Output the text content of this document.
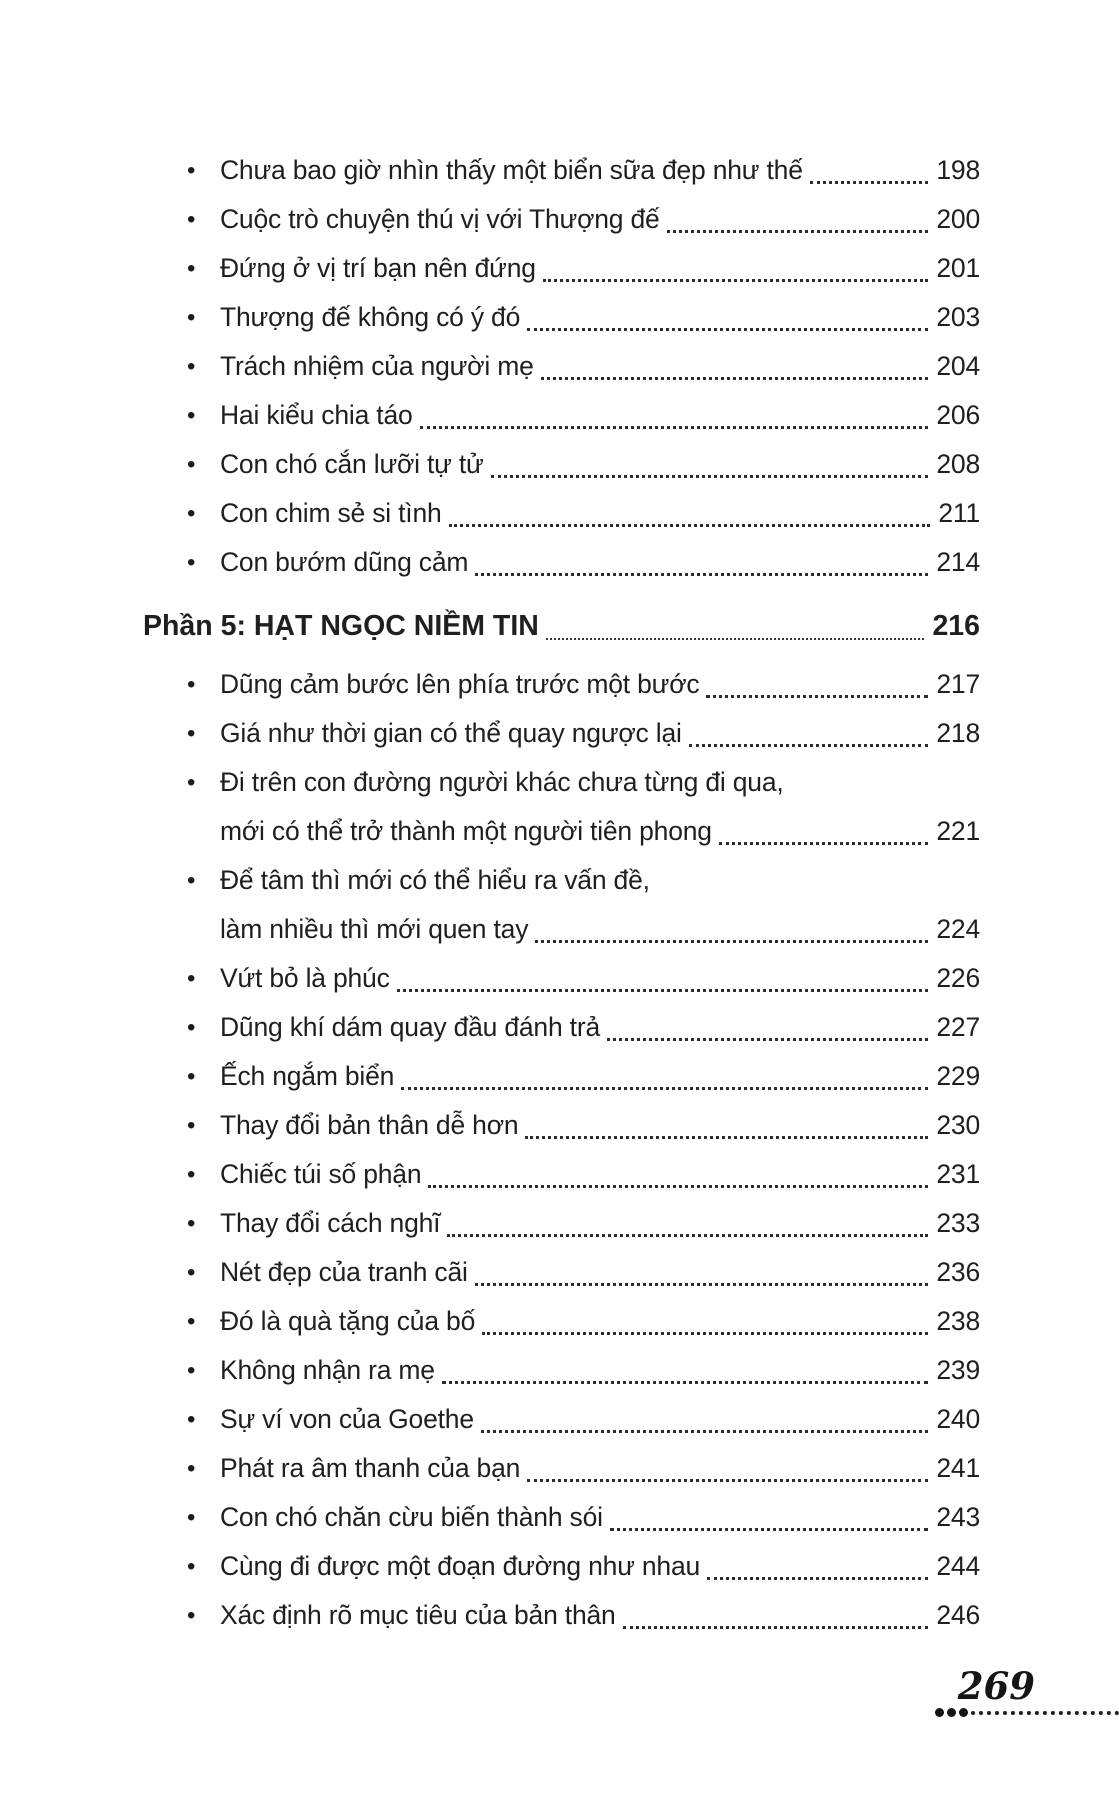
• Chưa bao giờ nhìn thấy một biển sữa đẹp như thế	198
• Cuộc trò chuyện thú vị với Thượng đế	200
• Đứng ở vị trí bạn nên đứng	201
• Thượng đế không có ý đó	203
• Trách nhiệm của người mẹ	204
• Hai kiểu chia táo	206
• Con chó cắn lưỡi tự tử	208
• Con chim sẻ si tình	211
• Con bướm dũng cảm	214
Phần 5: HẠT NGỌC NIỀM TIN	216
• Dũng cảm bước lên phía trước một bước	217
• Giá như thời gian có thể quay ngược lại	218
• Đi trên con đường người khác chưa từng đi qua,
mới có thể trở thành một người tiên phong	221
• Để tâm thì mới có thể hiểu ra vấn đề,
làm nhiều thì mới quen tay	224
• Vứt bỏ là phúc	226
• Dũng khí dám quay đầu đánh trả	227
• Ếch ngắm biển	229
• Thay đổi bản thân dễ hơn	230
• Chiếc túi số phận	231
• Thay đổi cách nghĩ	233
• Nét đẹp của tranh cãi	236
• Đó là quà tặng của bố	238
• Không nhận ra mẹ	239
• Sự ví von của Goethe	240
• Phát ra âm thanh của bạn	241
• Con chó chăn cừu biến thành sói	243
• Cùng đi được một đoạn đường như nhau	244
• Xác định rõ mục tiêu của bản thân	246
269
